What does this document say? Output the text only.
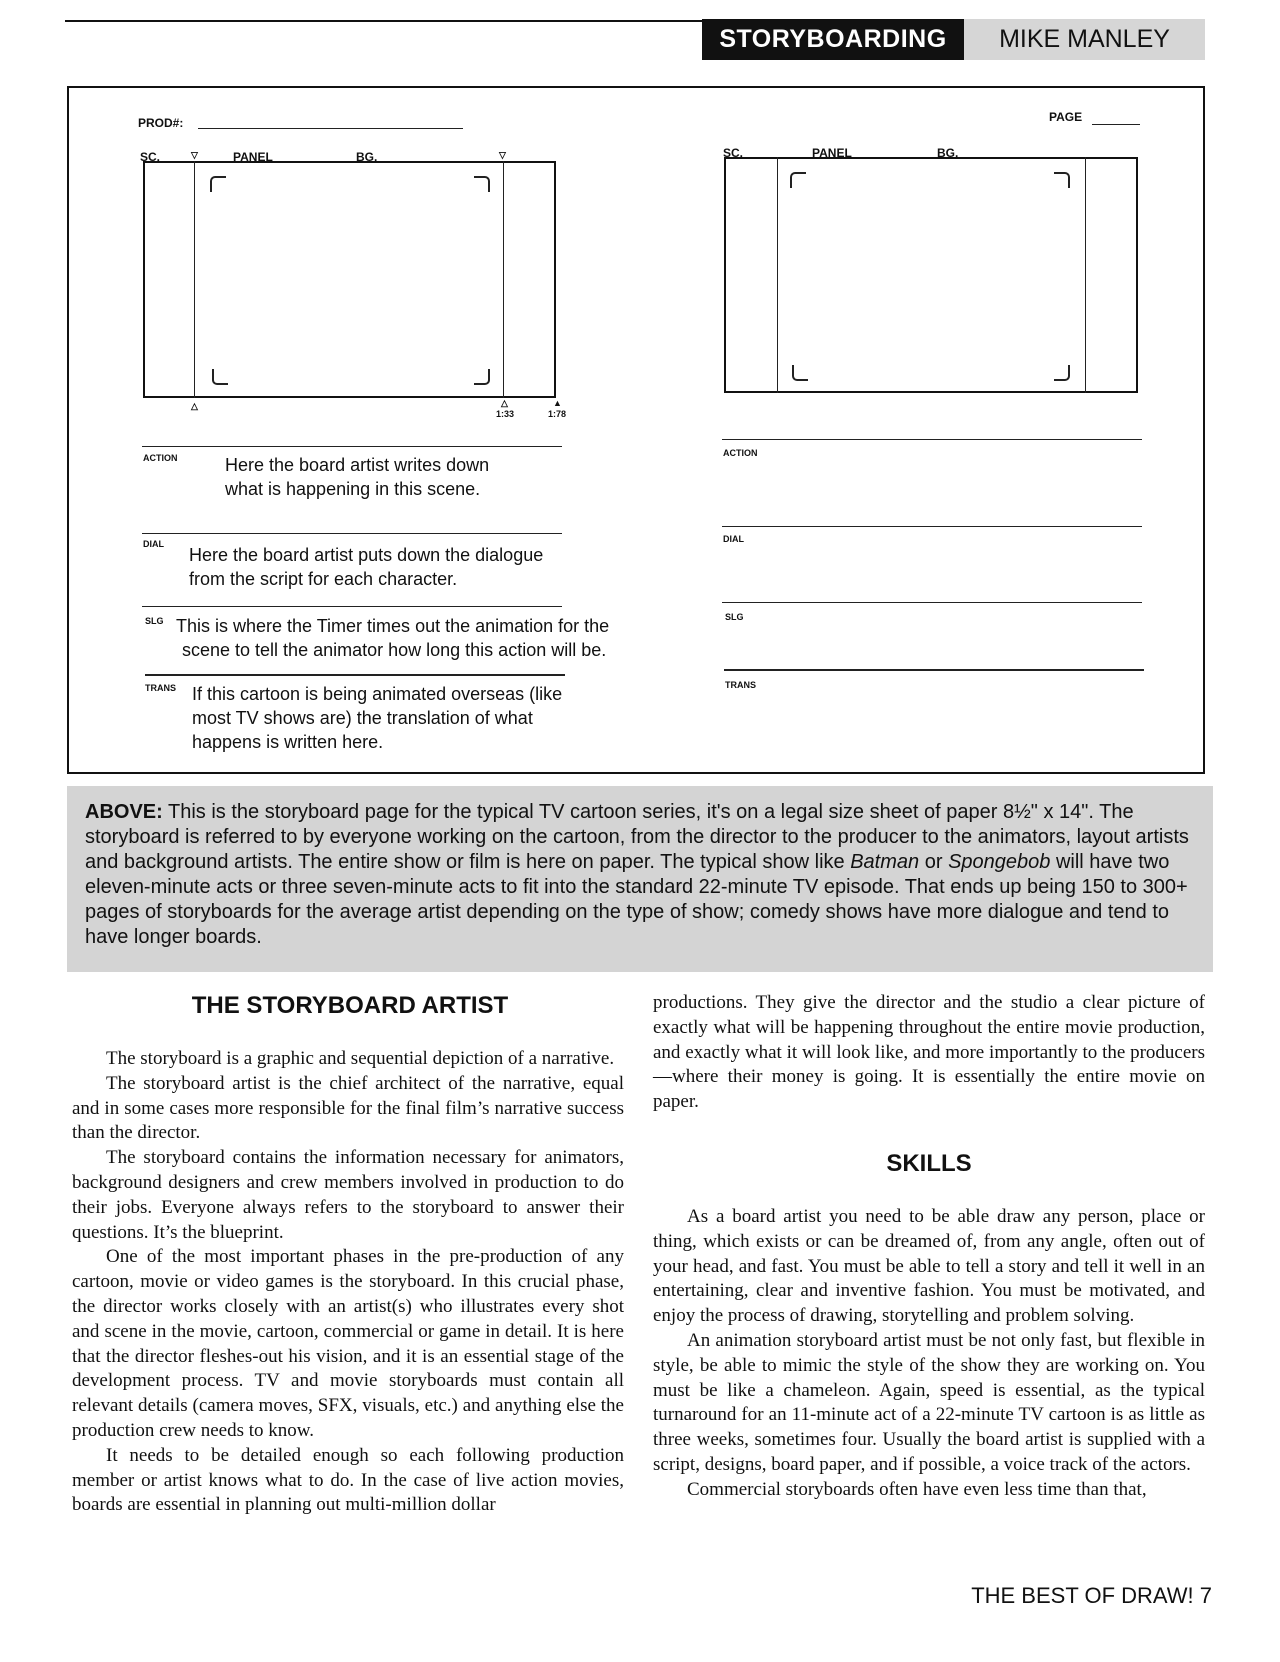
STORYBOARDING	MIKE MANLEY
PROD#:	PAGE
SC.	▽	PANEL	BG.	▽
△	△
1:33
▲
1:78
ACTION	Here the board artist writes down
what is happening in this scene.
DIAL
Here the board artist puts down the dialogue
from the script for each character.
SLG This is where the Timer times out the animation for the
scene to tell the animator how long this action will be.
TRANS If this cartoon is being animated overseas (like
most TV shows are) the translation of what
happens is written here.
SC.	PANEL	BG.
ACTION
DIAL
SLG
TRANS
ABOVE: This is the storyboard page for the typical TV cartoon series, it's on a legal size sheet of paper 8½" x 14". The storyboard is referred to by everyone working on the cartoon, from the director to the producer to the animators, layout artists and background artists. The entire show or film is here on paper. The typical show like Batman or Spongebob will have two eleven-minute acts or three seven-minute acts to fit into the standard 22-minute TV episode. That ends up being 150 to 300+ pages of storyboards for the average artist depending on the type of show; comedy shows have more dialogue and tend to have longer boards.
THE STORYBOARD ARTIST

The storyboard is a graphic and sequential depiction of a narrative.

The storyboard artist is the chief architect of the narrative, equal and in some cases more responsible for the final film’s narrative success than the director.

The storyboard contains the information necessary for animators, background designers and crew members involved in production to do their jobs. Everyone always refers to the storyboard to answer their questions. It’s the blueprint.

One of the most important phases in the pre-production of any cartoon, movie or video games is the storyboard. In this crucial phase, the director works closely with an artist(s) who illustrates every shot and scene in the movie, cartoon, commercial or game in detail. It is here that the director fleshes-out his vision, and it is an essential stage of the development process. TV and movie storyboards must contain all relevant details (camera moves, SFX, visuals, etc.) and anything else the production crew needs to know.

It needs to be detailed enough so each following production member or artist knows what to do. In the case of live action movies, boards are essential in planning out multi-million dollar

productions. They give the director and the studio a clear picture of exactly what will be happening throughout the entire movie production, and exactly what it will look like, and more importantly to the producers—where their money is going. It is essentially the entire movie on paper.

SKILLS

As a board artist you need to be able draw any person, place or thing, which exists or can be dreamed of, from any angle, often out of your head, and fast. You must be able to tell a story and tell it well in an entertaining, clear and inventive fashion. You must be motivated, and enjoy the process of drawing, storytelling and problem solving.

An animation storyboard artist must be not only fast, but flexible in style, be able to mimic the style of the show they are working on. You must be like a chameleon. Again, speed is essential, as the typical turnaround for an 11-minute act of a 22-minute TV cartoon is as little as three weeks, sometimes four. Usually the board artist is supplied with a script, designs, board paper, and if possible, a voice track of the actors.

Commercial storyboards often have even less time than that,

THE BEST OF DRAW! 7
